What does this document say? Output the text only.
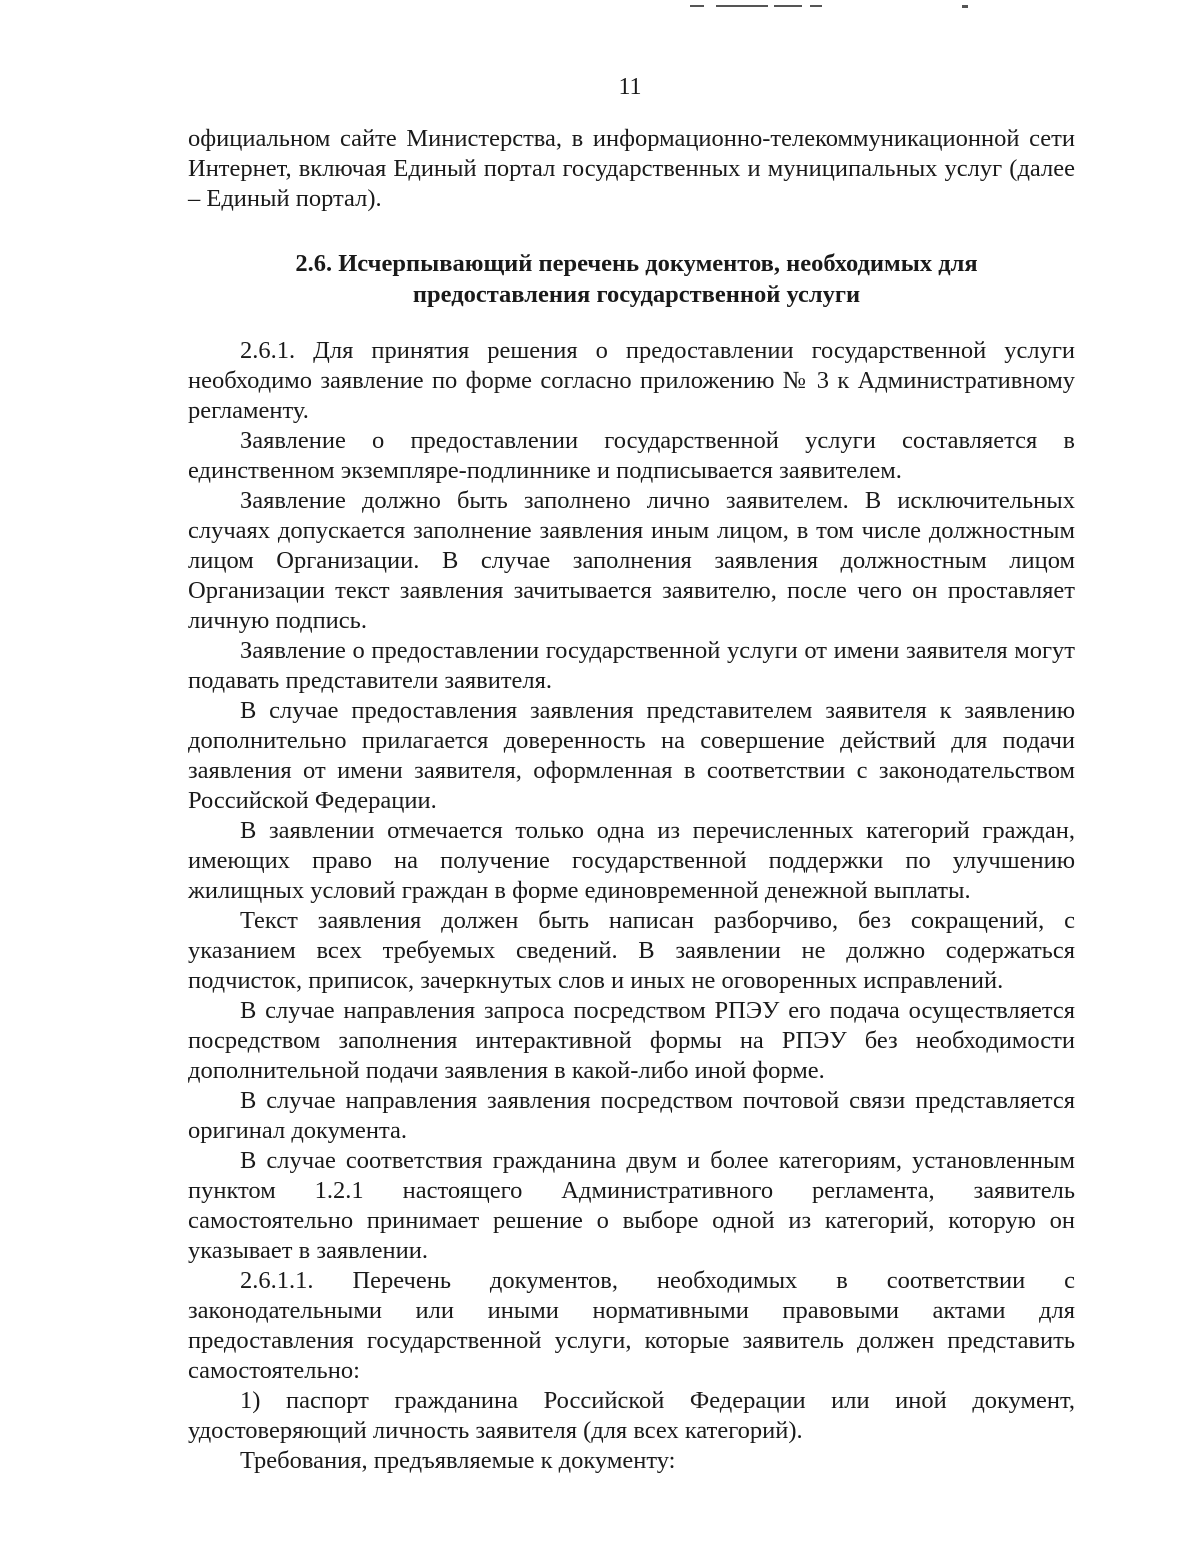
11

официальном сайте Министерства, в информационно-телекоммуникационной сети Интернет, включая Единый портал государственных и муниципальных услуг (далее – Единый портал).

2.6. Исчерпывающий перечень документов, необходимых для
предоставления государственной услуги

2.6.1. Для принятия решения о предоставлении государственной услуги необходимо заявление по форме согласно приложению № 3 к Административному регламенту.

Заявление о предоставлении государственной услуги составляется в единственном экземпляре-подлиннике и подписывается заявителем.

Заявление должно быть заполнено лично заявителем. В исключительных случаях допускается заполнение заявления иным лицом, в том числе должностным лицом Организации. В случае заполнения заявления должностным лицом Организации текст заявления зачитывается заявителю, после чего он проставляет личную подпись.

Заявление о предоставлении государственной услуги от имени заявителя могут подавать представители заявителя.

В случае предоставления заявления представителем заявителя к заявлению дополнительно прилагается доверенность на совершение действий для подачи заявления от имени заявителя, оформленная в соответствии с законодательством Российской Федерации.

В заявлении отмечается только одна из перечисленных категорий граждан, имеющих право на получение государственной поддержки по улучшению жилищных условий граждан в форме единовременной денежной выплаты.

Текст заявления должен быть написан разборчиво, без сокращений, с указанием всех требуемых сведений. В заявлении не должно содержаться подчисток, приписок, зачеркнутых слов и иных не оговоренных исправлений.

В случае направления запроса посредством РПЭУ его подача осуществляется посредством заполнения интерактивной формы на РПЭУ без необходимости дополнительной подачи заявления в какой-либо иной форме.

В случае направления заявления посредством почтовой связи представляется оригинал документа.

В случае соответствия гражданина двум и более категориям, установленным пунктом 1.2.1 настоящего Административного регламента, заявитель самостоятельно принимает решение о выборе одной из категорий, которую он указывает в заявлении.

2.6.1.1. Перечень документов, необходимых в соответствии с законодательными или иными нормативными правовыми актами для предоставления государственной услуги, которые заявитель должен представить самостоятельно:

1) паспорт гражданина Российской Федерации или иной документ, удостоверяющий личность заявителя (для всех категорий).

Требования, предъявляемые к документу:
